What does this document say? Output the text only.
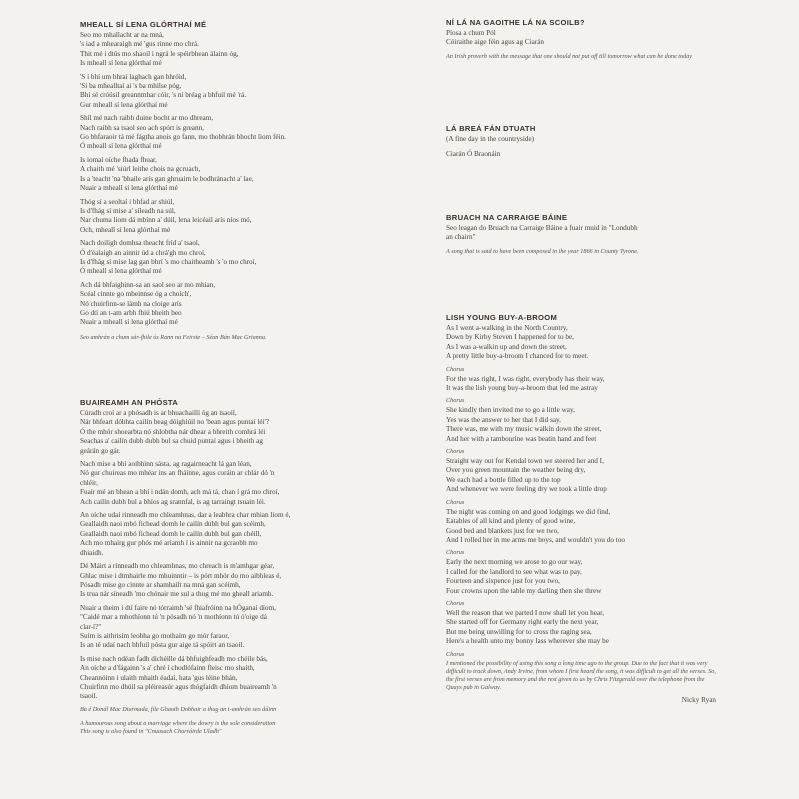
MHEALL SÍ LENA GLÓRTHAÍ MÉ
Seo mo mhallacht ar na mná,
's iad a mhearaigh mé 'gus rinne mo chrá.
Thit mé i dtús mo shaoil i ngrá le spéirbhean álainn óg,
Is mheall sí lena glórthaí mé
'S í bhí um bhraí laghach gan bhróid,
'Sí ba mhealltaí ai 's ba mhilse póg,
Bhí sé cróúsil greannmhar cóir, 's ní bréag a bhfuil mé 'rá.
Gur mheall sí lena glórthaí mé
Shíl mé nach raibh duine bocht ar mo dhream,
Nach raibh sa tsaol seo ach spórt is greann,
Go bhfaraoir tá mé fágtha anois go fann, mo thobhrán bhocht liom féin.
Ó mheall sí lena glórthaí mé
Is iomaí oíche fhada fhuar,
A chaith mé 'siúrl leithe chois na gcruach,
Is a 'teacht 'na 'bhaile arís gan ghruaim le bodhránacht a' lae,
Nuair a mheall sí lena glórthaí mé
Thóg sí a seoltaí i bhfad ar shiúl,
Is d'fhág sí mise a' síleadh na súl,
Nar chuma liom dá mbínn a' dúil, lena leicéail arís níos mó,
Och, mheall sí lena glórthaí mé
Nach doiligh domhsa theacht fríd a' tsaol,
Ó d'éalaigh an ainnir úd a chrá'gh mo chroí,
Is d'fhág sí mise lag gan bhrí 's mo chaitheamh 's 'o mo chroí,
Ó mheall sí lena glórthaí mé
Ach dá bhfaighinn-sa an saol seo ar mo mhian,
Scéal cinnte go mbeinnse óg a choích',
Nó chuirfinn-se lámh na cloige arís
Go dtí an t-am arbh fhiú bheith beo
Nuair a mheall sí lena glórthaí mé
Seo amhrán a chum sár-fhile ós Rann na Feirste – Séan Bán Mac Grianna.
BUAIREAMH AN PHÓSTA
Cúradh croí ar a phósadh is ar bhuachaillí óg an tsaoil,
Nár bhfeart dóbhta cailín beag dóighiúil no 'bean agus puntaí léi'?
Ó the mhór shoearbta nó shlobtha nár dhear a bhreith comhrá léi
Seachas a' cailín dubh dubh bul sa chuid puntaí agus i bheith ag
geárán go gár.
Nach mise a bhí aoibhinn sásta, ag ragairneacht lá gan léan,
Nó gur chuireas mo mhéar ins an fháinne, agus coráin ar chlár dó 'n
chléir,
Fuair mé an bhean a bhí i ndán domh, ach má tá, chan í grá mo chroí,
Ach cailín dubh bul a bhíos ag srannfal, is ag tarraingt tsuain léi.
An oíche udaí rinneadh mo chleamhnas, dar a leabhra char mhian liom é,
Geallaidh naoi mbó fichead domh le cailín dubh bul gan scéimh,
Geallaidh naoi mbó fichead domh le cailín dubh bul gan chéill,
Ach mo mhairg gur phós mé ariamh í is ainnir na gcraobh mo
dhiaidh.
Dé Máirt a rinneadh mo chleamhnas, mo chreach is m'amhgar géar,
Ghlac mise i dtmhairle mo mhuinntir – is pórt mhór do mo aibhleas é,
Pósadh mise go cinnte ar shamhailt na mná gan scéimh,
Is trua nár síneadh 'mo chónair me sul a thug mé mo gheall ariamh.
Nuair a theim i dtí faire nó tórraimh 'sé fhiafróinn na hÓganaí díom,
"Caidé mar a mhothíonn tú 'n pósadh nó 'n mothíonn tú ó'oige dá
clar-í?"
Suím is aithrisím leobha go mothaím go mór faraor,
Is an té udaí nach bhfuil pósta gur aige tá spóirt an tsaoil.
Is mise nach ndéan fadh dichéille dá bhfuighfeadh mo chéile bás,
An oíche a d'fágainn 's a' chré í chodlófainn fleisc mo shaíth,
Cheannóinn i ulaith mhaith éadaí, hata 'gus léine bhán,
Chuirfinn mo dhúil sa pléireasúr agus thógfaidh dhíom buaireamh 'n
tsaoil.
Ba é Donál Mac Diarmada, file Ghaoth Dobhair a thug an t-amhrán seo dúinn
A humourous song about a marriage where the dowry is the sole consideration
This song is also found in "Cnuasach Chorráirde Uladh"
NÍ LÁ NA GAOITHE LÁ NA SCOILB?
Píosa a chum Pól
Cóiraithe aige féin agus ag Ciarán
An Irish proverb with the message that one should not put off till tomorrow what can be done today
LÁ BREÁ FÁN DTUATH
(A fine day in the countryside)
Ciarán Ó Braonáin
BRUACH NA CARRAIGE BÁINE
Seo leagan do Bruach na Carraige Báine a fuair muid in "Londubh
an chairn"
A song that is said to have been composed in the year 1866 in County Tyrone.
LISH YOUNG BUY-A-BROOM
As I went a-walking in the North Country,
Down by Kirby Steven I happened for to be,
As I was a-walkin up and down the street,
A pretty little buy-a-broom I chanced for to meet.
Chorus
For the was right, I was right, everybody has their way,
It was the lish young buy-a-broom that led me astray
Chorus
She kindly then invited me to go a little way,
Yes was the answer to her that I did say,
There was, me with my music walkin down the street,
And her with a tambourine was beatin hand and feet
Chorus
Straight way out for Kendal town we steered her and I,
Over you green mountain the weather being dry,
We each had a bottle filled up to the top
And whenever we were feeling dry we took a little drop
Chorus
The night was coming on and good lodgings we did find,
Eatables of all kind and plenty of good wine,
Good bed and blankets just for we two,
And I rolled her in me arms me boys, and wouldn't you do too
Chorus
Early the next morning we arose to go our way,
I called for the landlord to see what was to pay,
Fourteen and sixpence just for you two,
Four crowns upon the table my darling then she threw
Chorus
Well the reason that we parted I now shall let you hear,
She started off for Germany right early the next year,
But me being unwilling for to cross the raging sea,
Here's a health unto my bonny lass wherever she may be
Chorus
I mentioned the possibility of using this song a long time ago to the group. Due to the fact that it was very difficult to track down, Andy Irvine, from whom I first heard the song, it was difficult to get all the verses. So, the first verses are from memory and the rest given to us by Chris Fitzgerald over the telephone from the Quays pub in Galway.
Nicky Ryan
